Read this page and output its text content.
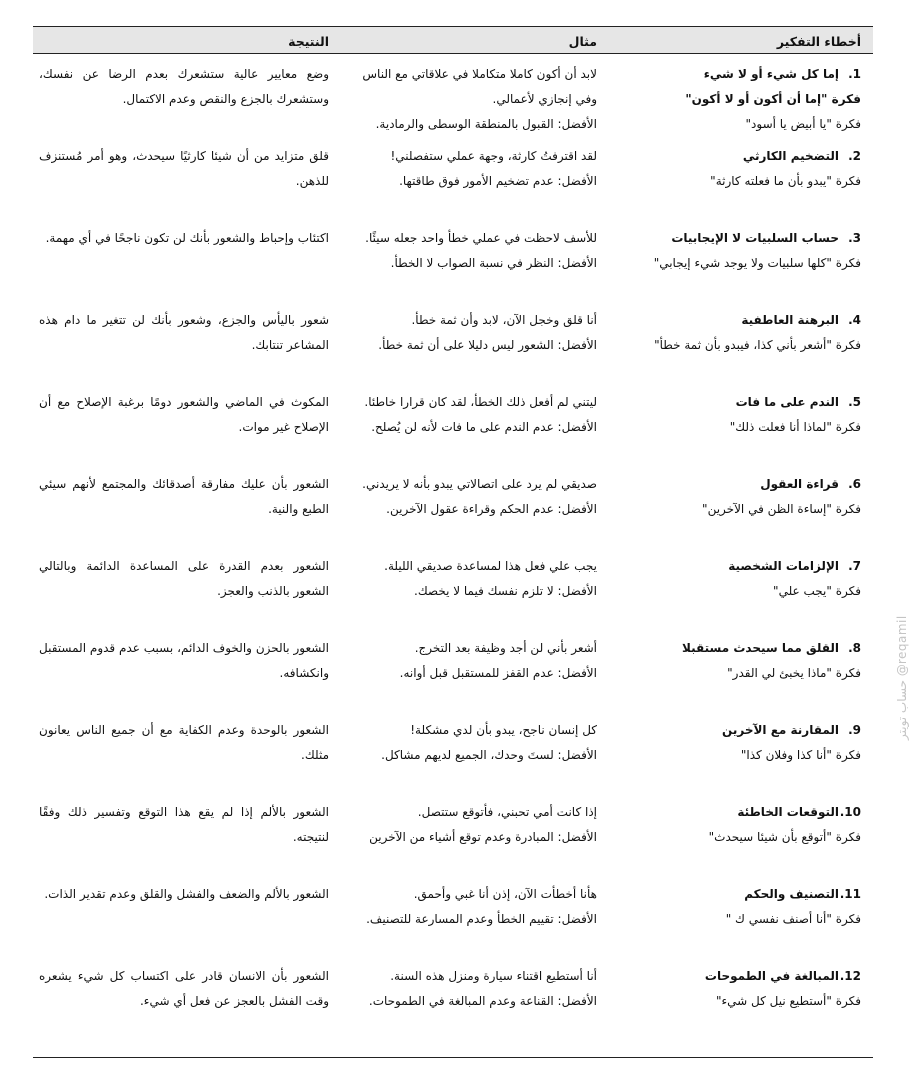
أخطاء التفكير
مثال
النتيجة
1.إما كل شيء أو لا شيء
فكرة "إما أن أكون أو لا أكون"
فكرة "يا أبيض يا أسود"
لابد أن أكون كاملا متكاملا في علاقاتي مع الناس
وفي إنجازي لأعمالي.
الأفضل: القبول بالمنطقة الوسطى والرمادية.
وضع معايير عالية ستشعرك بعدم الرضا عن نفسك، وستشعرك بالجزع والنقص وعدم الاكتمال.
2.التضخيم الكارثي
فكرة "يبدو بأن ما فعلته كارثة"
لقد اقترفتُ كارثة، وجهة عملي ستفصلني!
الأفضل: عدم تضخيم الأمور فوق طاقتها.
قلق متزايد من أن شيئا كارثيًا سيحدث، وهو أمر مُستنزف للذهن.
3.حساب السلبيات لا الإيجابيات
فكرة "كلها سلبيات ولا يوجد شيء إيجابي"
للأسف لاحظت في عملي خطأ واحد جعله سيئًا.
الأفضل: النظر في نسبة الصواب لا الخطأ.
اكتئاب وإحباط والشعور بأنك لن تكون ناجحًا في أي مهمة.
4.البرهنة العاطفية
فكرة "أشعر بأني كذا، فيبدو بأن ثمة خطأ"
أنا قلق وخجل الآن، لابد وأن ثمة خطأ.
الأفضل: الشعور ليس دليلا على أن ثمة خطأ.
شعور باليأس والجزع، وشعور بأنك لن تتغير ما دام هذه المشاعر تنتابك.
5.الندم على ما فات
فكرة "لماذا أنا فعلت ذلك"
ليتني لم أفعل ذلك الخطأ، لقد كان قرارا خاطئا.
الأفضل: عدم الندم على ما فات لأنه لن يُصلح.
المكوث في الماضي والشعور دومًا برغبة الإصلاح مع أن الإصلاح غير موات.
6.قراءة العقول
فكرة "إساءة الظن في الآخرين"
صديقي لم يرد على اتصالاتي يبدو بأنه لا يريدني.
الأفضل: عدم الحكم وقراءة عقول الآخرين.
الشعور بأن عليك مفارقة أصدقائك والمجتمع لأنهم سيئي الطبع والنية.
7.الإلزامات الشخصية
فكرة "يجب علي"
يجب علي فعل هذا لمساعدة صديقي الليلة.
الأفضل: لا تلزم نفسك فيما لا يخصك.
الشعور بعدم القدرة على المساعدة الدائمة وبالتالي الشعور بالذنب والعجز.
8.القلق مما سيحدث مستقبلا
فكرة "ماذا يخبئ لي القدر"
أشعر بأني لن أجد وظيفة بعد التخرج.
الأفضل: عدم القفز للمستقبل قبل أوانه.
الشعور بالحزن والخوف الدائم، بسبب عدم قدوم المستقبل وانكشافه.
9.المقارنة مع الآخرين
فكرة "أنا كذا وفلان كذا"
كل إنسان ناجح، يبدو بأن لدي مشكلة!
الأفضل: لستَ وحدك، الجميع لديهم مشاكل.
الشعور بالوحدة وعدم الكفاية مع أن جميع الناس يعانون مثلك.
10.التوقعات الخاطئة
فكرة "أتوقع بأن شيئا سيحدث"
إذا كانت أمي تحبني، فأتوقع ستتصل.
الأفضل: المبادرة وعدم توقع أشياء من الآخرين
الشعور بالألم إذا لم يقع هذا التوقع وتفسير ذلك وفقًا لنتيجته.
11.التصنيف والحكم
فكرة "أنا أصنف نفسي ك "
هأنا أخطأت الآن، إذن أنا غبي وأحمق.
الأفضل: تقييم الخطأ وعدم المسارعة للتصنيف.
الشعور بالألم والضعف والفشل والقلق وعدم تقدير الذات.
12.المبالغة في الطموحات
فكرة "أستطيع نيل كل شيء"
أنا أستطيع اقتناء سيارة ومنزل هذه السنة.
الأفضل: القناعة وعدم المبالغة في الطموحات.
الشعور بأن الانسان قادر على اكتساب كل شيء يشعره وقت الفشل بالعجز عن فعل أي شيء.
حساب تويتر @reqamil
